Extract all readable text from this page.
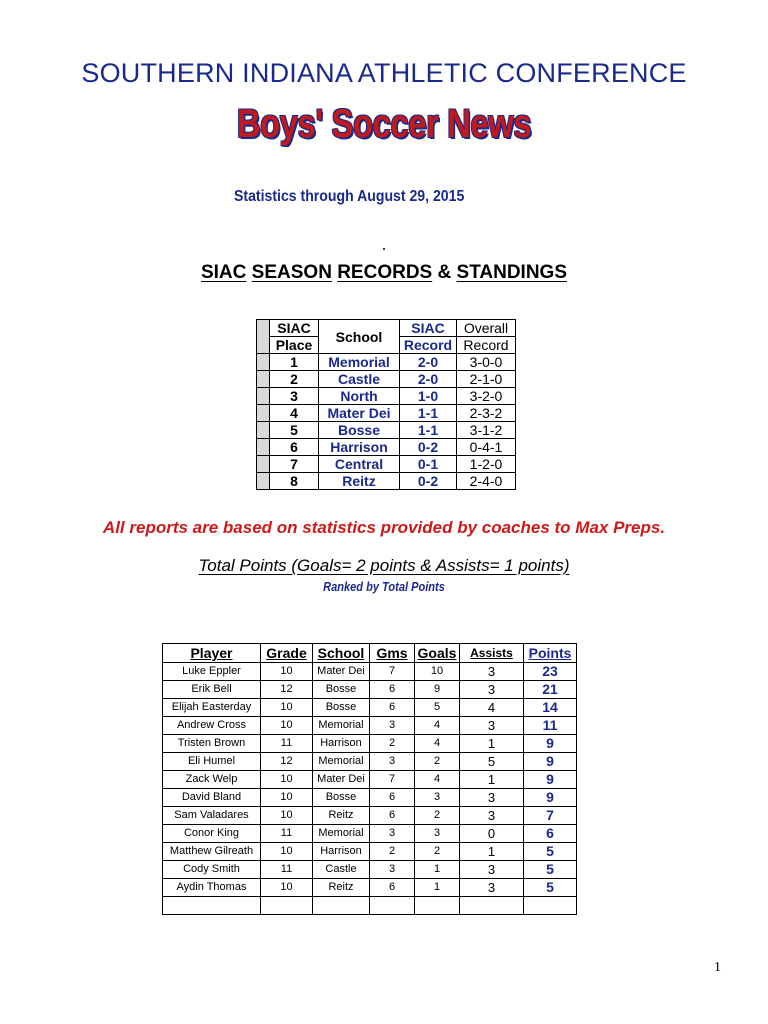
SOUTHERN INDIANA ATHLETIC CONFERENCE
Boys' Soccer News
Statistics through August 29, 2015
SIAC SEASON RECORDS & STANDINGS
	SIAC	School	SIAC	Overall
	Place		Record	Record
	1	Memorial	2-0	3-0-0
	2	Castle	2-0	2-1-0
	3	North	1-0	3-2-0
	4	Mater Dei	1-1	2-3-2
	5	Bosse	1-1	3-1-2
	6	Harrison	0-2	0-4-1
	7	Central	0-1	1-2-0
	8	Reitz	0-2	2-4-0
All reports are based on statistics provided by coaches to Max Preps.
Total Points (Goals= 2 points & Assists= 1 points)
Ranked by Total Points
Player	Grade	School	Gms	Goals	Assists	Points
Luke Eppler	10	Mater Dei	7	10	3	23
Erik Bell	12	Bosse	6	9	3	21
Elijah Easterday	10	Bosse	6	5	4	14
Andrew Cross	10	Memorial	3	4	3	11
Tristen Brown	11	Harrison	2	4	1	9
Eli Humel	12	Memorial	3	2	5	9
Zack Welp	10	Mater Dei	7	4	1	9
David Bland	10	Bosse	6	3	3	9
Sam Valadares	10	Reitz	6	2	3	7
Conor King	11	Memorial	3	3	0	6
Matthew Gilreath	10	Harrison	2	2	1	5
Cody Smith	11	Castle	3	1	3	5
Aydin Thomas	10	Reitz	6	1	3	5

1
